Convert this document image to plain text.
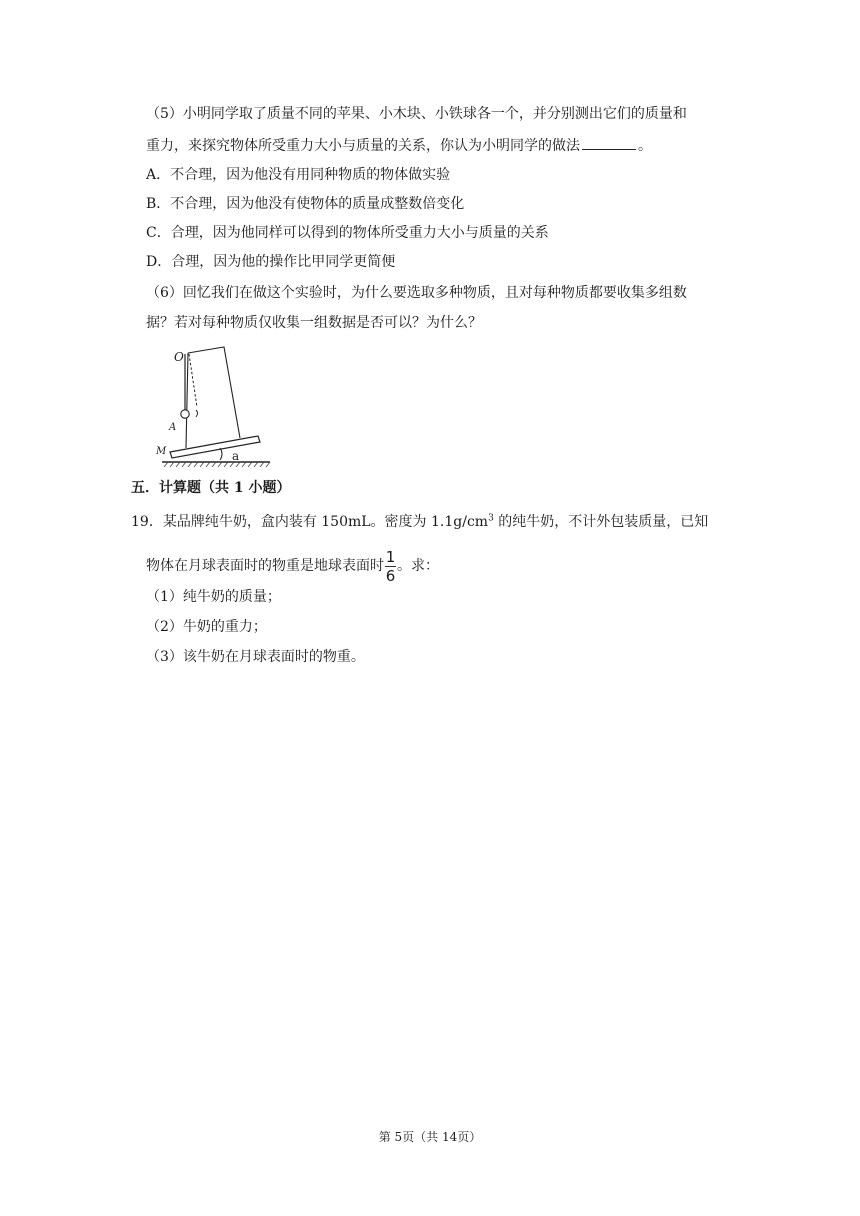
（5）小明同学取了质量不同的苹果、小木块、小铁球各一个，并分别测出它们的质量和
重力，来探究物体所受重力大小与质量的关系，你认为小明同学的做法	。
A．不合理，因为他没有用同种物质的物体做实验
B．不合理，因为他没有使物体的质量成整数倍变化
C．合理，因为他同样可以得到的物体所受重力大小与质量的关系
D．合理，因为他的操作比甲同学更简便
（6）回忆我们在做这个实验时，为什么要选取多种物质，且对每种物质都要收集多组数
据？若对每种物质仅收集一组数据是否可以？为什么？
O
A
M	a
五．计算题（共 1 小题）
19．某品牌纯牛奶，盒内装有 150mL。密度为 $1.1g/cm^3$ 的纯牛奶，不计外包装质量，已知
物体在月球表面时的物重是地球表面时 $\frac{1}{6}$ 。求：
（1）纯牛奶的质量；
（2）牛奶的重力；
（3）该牛奶在月球表面时的物重。
第 5页（共 14页）
